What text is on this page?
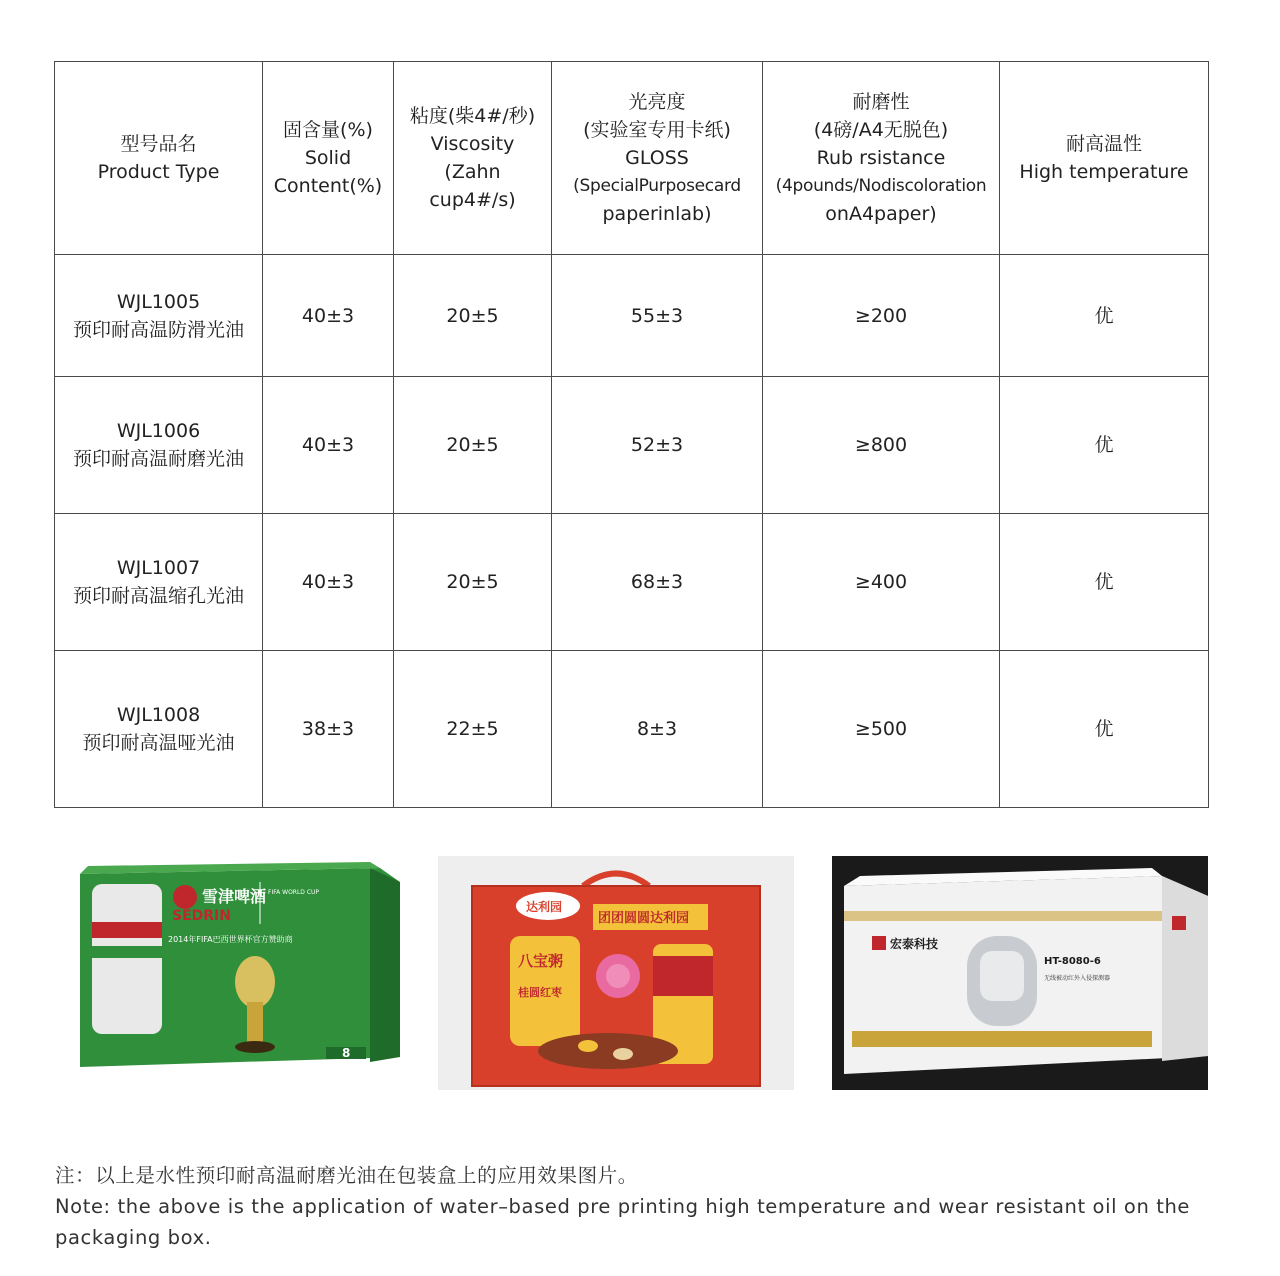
型号品名
Product Type	固含量(%)
Solid
Content(%)	粘度(柴4#/秒)
Viscosity
(Zahn
cup4#/s)	光亮度
(实验室专用卡纸)
GLOSS
(SpecialPurposecard
paperinlab)	耐磨性
(4磅/A4无脱色)
Rub rsistance
(4pounds/Nodiscoloration
onA4paper)	耐高温性
High temperature

WJL1005
预印耐高温防滑光油	40±3	20±5	55±3	≥200	优

WJL1006
预印耐高温耐磨光油	40±3	20±5	52±3	≥800	优

WJL1007
预印耐高温缩孔光油	40±3	20±5	68±3	≥400	优

WJL1008
预印耐高温哑光油	38±3	22±5	8±3	≥500	优
雪津啤酒
SEDRIN
FIFA WORLD CUP
2014年FIFA巴西世界杯官方赞助商
8
达利园
团团圆圆达利园
八宝粥
桂圆红枣
宏泰科技
HT-8080-6
无线被动红外入侵探测器

注：以上是水性预印耐高温耐磨光油在包装盒上的应用效果图片。

Note: the above is the application of water–based pre printing high temperature and wear resistant oil on the packaging box.
